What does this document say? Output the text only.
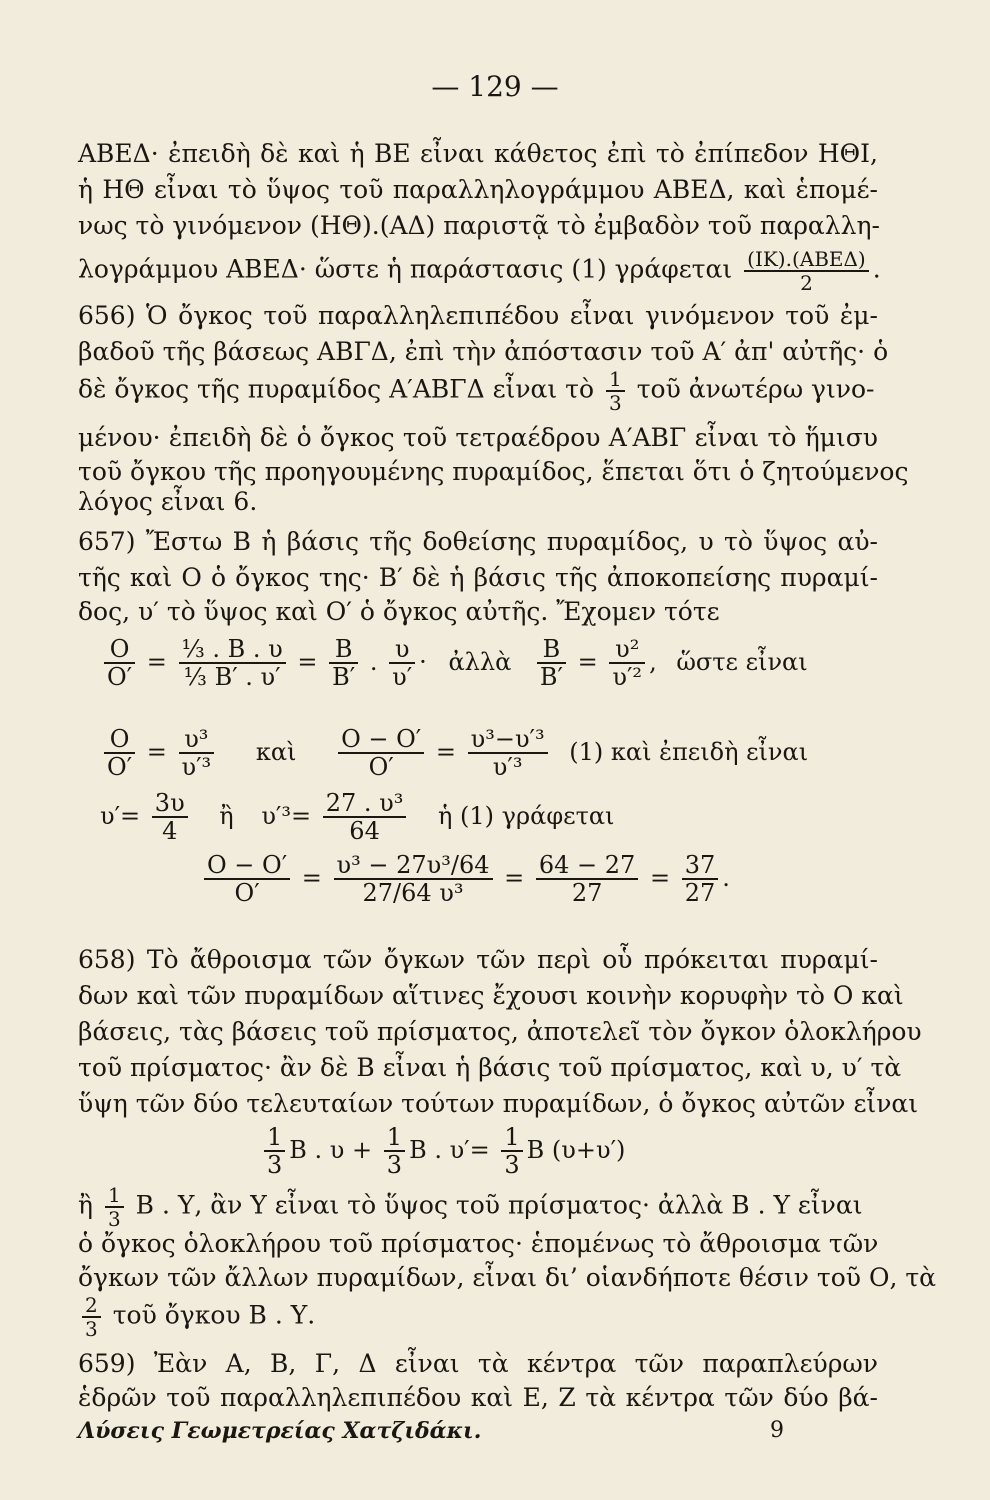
— 129 —
ΑΒΕΔ· ἐπειδὴ δὲ καὶ ἡ ΒΕ εἶναι κάθετος ἐπὶ τὸ ἐπίπεδον ΗΘΙ,
ἡ ΗΘ εἶναι τὸ ὕψος τοῦ παραλληλογράμμου ΑΒΕΔ, καὶ ἑπομέ-
νως τὸ γινόμενον (ΗΘ).(ΑΔ) παριστᾷ τὸ ἐμβαδὸν τοῦ παραλλη-
λογράμμου ΑΒΕΔ· ὥστε ἡ παράστασις (1) γράφεται $\frac{\text{(ΙΚ).(ΑΒΕΔ)}}{2}$ .
656) Ὁ ὄγκος τοῦ παραλληλεπιπέδου εἶναι γινόμενον τοῦ ἐμ-
βαδοῦ τῆς βάσεως ΑΒΓΔ, ἐπὶ τὴν ἀπόστασιν τοῦ Α′ ἀπ' αὐτῆς· ὁ
δὲ ὄγκος τῆς πυραμίδος Α′ΑΒΓΔ εἶναι τὸ $\frac{1}{3}$ τοῦ ἀνωτέρω γινο-
μένου· ἐπειδὴ δὲ ὁ ὄγκος τοῦ τετραέδρου Α′ΑΒΓ εἶναι τὸ ἥμισυ
τοῦ ὄγκου τῆς προηγουμένης πυραμίδος, ἕπεται ὅτι ὁ ζητούμενος
λόγος εἶναι 6.
657) Ἔστω Β ἡ βάσις τῆς δοθείσης πυραμίδος, υ τὸ ὕψος αὐ-
τῆς καὶ Ο ὁ ὄγκος της· Β′ δὲ ἡ βάσις τῆς ἀποκοπείσης πυραμί-
δος, υ′ τὸ ὕψος καὶ Ο′ ὁ ὄγκος αὐτῆς. Ἔχομεν τότε
$\frac{O}{O'} = \frac{\text{⅓ . Β . υ}}{\text{⅓ Β′ . υ′}} = \frac{B}{B'}$ . $\frac{\upsilon}{\upsilon'}$ · ἀλλὰ $\frac{B}{B'} = \frac{\text{υ²}}{\text{υ′²}}$ , ὥστε εἶναι
$\frac{O}{O'} = \frac{\text{υ³}}{\text{υ′³}}$ καὶ $\frac{O - O'}{O'} = \frac{\text{υ³−υ′³}}{\text{υ′³}} (1)$ καὶ ἐπειδὴ εἶναι
$\upsilon'= \frac{3\upsilon}{4}$ ἢ $\upsilon'^3= \frac{\text{27 . υ³}}{64}$ ἡ (1) γράφεται
$\frac{O - O'}{O'} = \frac{\text{υ³ − 27υ³/64}}{\text{27/64 υ³}} = \frac{64 - 27}{27} = \frac{37}{27}$ .
658) Τὸ ἄθροισμα τῶν ὄγκων τῶν περὶ οὗ πρόκειται πυραμί-
δων καὶ τῶν πυραμίδων αἵτινες ἔχουσι κοινὴν κορυφὴν τὸ Ο καὶ
βάσεις, τὰς βάσεις τοῦ πρίσματος, ἀποτελεῖ τὸν ὄγκον ὁλοκλήρου
τοῦ πρίσματος· ἂν δὲ Β εἶναι ἡ βάσις τοῦ πρίσματος, καὶ υ, υ′ τὰ
ὕψη τῶν δύο τελευταίων τούτων πυραμίδων, ὁ ὄγκος αὐτῶν εἶναι
$\frac{1}{3}$ Β . $\upsilon + \frac{1}{3}$ Β . $\upsilon'= \frac{1}{3}$ Β (υ+υ′)
ἢ $\frac{1}{3}$ Β . Υ, ἂν Υ εἶναι τὸ ὕψος τοῦ πρίσματος· ἀλλὰ Β . Υ εἶναι
ὁ ὄγκος ὁλοκλήρου τοῦ πρίσματος· ἑπομένως τὸ ἄθροισμα τῶν
ὄγκων τῶν ἄλλων πυραμίδων, εἶναι δι’ οἱανδήποτε θέσιν τοῦ Ο, τὰ
$\frac{2}{3}$ τοῦ ὄγκου Β . Υ.
659) Ἐὰν Α, Β, Γ, Δ εἶναι τὰ κέντρα τῶν παραπλεύρων
ἑδρῶν τοῦ παραλληλεπιπέδου καὶ Ε, Ζ τὰ κέντρα τῶν δύο βά-
Λύσεις Γεωμετρείας Χατζιδάκι.	9
